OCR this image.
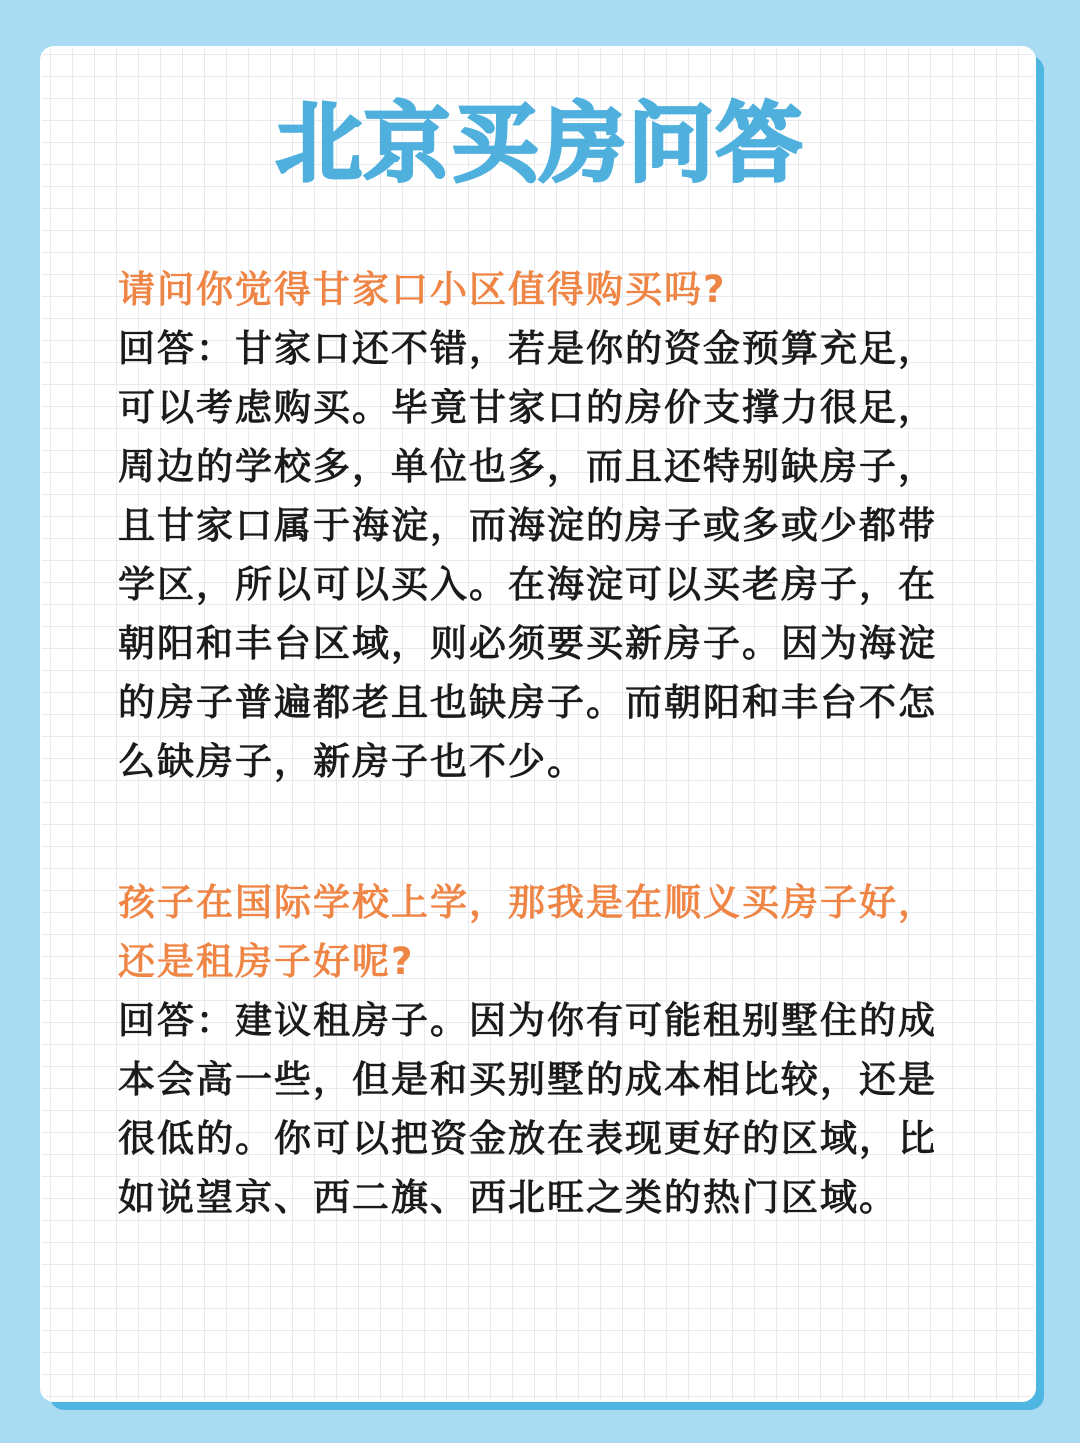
北京买房问答

请问你觉得甘家口小区值得购买吗?

回答：甘家口还不错，若是你的资金预算充足，可以考虑购买。毕竟甘家口的房价支撑力很足，周边的学校多，单位也多，而且还特别缺房子，且甘家口属于海淀，而海淀的房子或多或少都带学区，所以可以买入。在海淀可以买老房子，在朝阳和丰台区域，则必须要买新房子。因为海淀的房子普遍都老且也缺房子。而朝阳和丰台不怎么缺房子，新房子也不少。

孩子在国际学校上学，那我是在顺义买房子好，还是租房子好呢?

回答：建议租房子。因为你有可能租别墅住的成本会高一些，但是和买别墅的成本相比较，还是很低的。你可以把资金放在表现更好的区域，比如说望京、西二旗、西北旺之类的热门区域。
